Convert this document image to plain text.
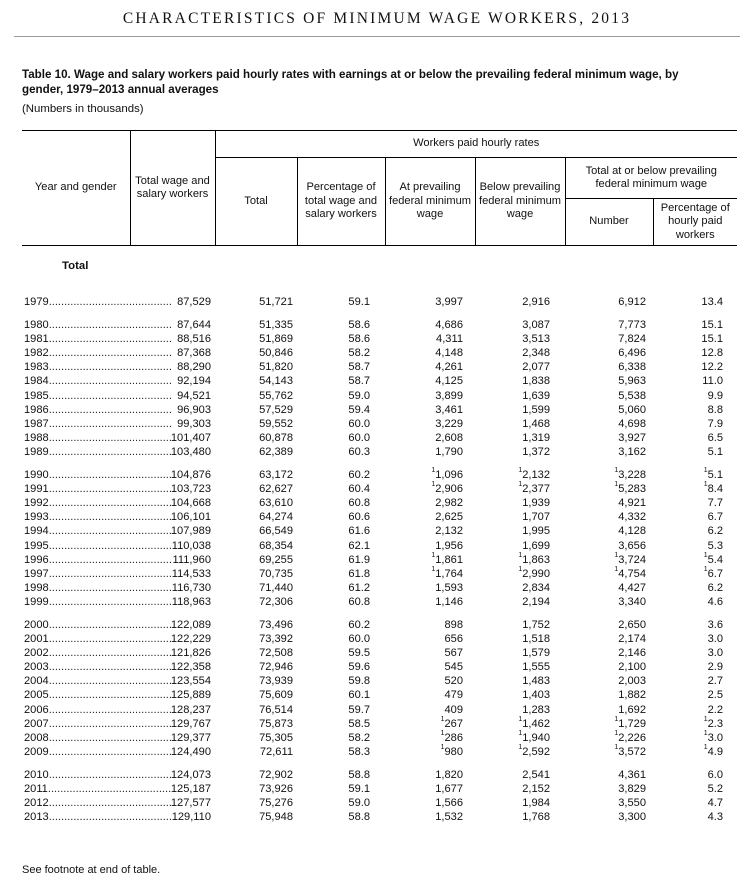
CHARACTERISTICS OF MINIMUM WAGE WORKERS, 2013
Table 10. Wage and salary workers paid hourly rates with earnings at or below the prevailing federal minimum wage, by gender, 1979–2013 annual averages
(Numbers in thousands)
Year and gender	Total wage and salary workers	Workers paid hourly rates					
		Total	Percentage of total wage and salary workers	At prevailing federal minimum wage	Below prevailing federal minimum wage	Total at or below prevailing federal minimum wage	
						Number	Percentage of hourly paid workers
Total							

1979........................................	87,529	51,721	59.1	3,997	2,916	6,912	13.4

1980........................................	87,644	51,335	58.6	4,686	3,087	7,773	15.1
1981........................................	88,516	51,869	58.6	4,311	3,513	7,824	15.1
1982........................................	87,368	50,846	58.2	4,148	2,348	6,496	12.8
1983........................................	88,290	51,820	58.7	4,261	2,077	6,338	12.2
1984........................................	92,194	54,143	58.7	4,125	1,838	5,963	11.0
1985........................................	94,521	55,762	59.0	3,899	1,639	5,538	9.9
1986........................................	96,903	57,529	59.4	3,461	1,599	5,060	8.8
1987........................................	99,303	59,552	60.0	3,229	1,468	4,698	7.9
1988........................................	101,407	60,878	60.0	2,608	1,319	3,927	6.5
1989........................................	103,480	62,389	60.3	1,790	1,372	3,162	5.1

1990........................................	104,876	63,172	60.2	$^1$1,096	$^1$2,132	$^1$3,228	$^1$5.1
1991........................................	103,723	62,627	60.4	$^1$2,906	$^1$2,377	$^1$5,283	$^1$8.4
1992........................................	104,668	63,610	60.8	2,982	1,939	4,921	7.7
1993........................................	106,101	64,274	60.6	2,625	1,707	4,332	6.7
1994........................................	107,989	66,549	61.6	2,132	1,995	4,128	6.2
1995........................................	110,038	68,354	62.1	1,956	1,699	3,656	5.3
1996........................................	111,960	69,255	61.9	$^1$1,861	$^1$1,863	$^1$3,724	$^1$5.4
1997........................................	114,533	70,735	61.8	$^1$1,764	$^1$2,990	$^1$4,754	$^1$6.7
1998........................................	116,730	71,440	61.2	1,593	2,834	4,427	6.2
1999........................................	118,963	72,306	60.8	1,146	2,194	3,340	4.6

2000........................................	122,089	73,496	60.2	898	1,752	2,650	3.6
2001........................................	122,229	73,392	60.0	656	1,518	2,174	3.0
2002........................................	121,826	72,508	59.5	567	1,579	2,146	3.0
2003........................................	122,358	72,946	59.6	545	1,555	2,100	2.9
2004........................................	123,554	73,939	59.8	520	1,483	2,003	2.7
2005........................................	125,889	75,609	60.1	479	1,403	1,882	2.5
2006........................................	128,237	76,514	59.7	409	1,283	1,692	2.2
2007........................................	129,767	75,873	58.5	$^1$267	$^1$1,462	$^1$1,729	$^1$2.3
2008........................................	129,377	75,305	58.2	$^1$286	$^1$1,940	$^1$2,226	$^1$3.0
2009........................................	124,490	72,611	58.3	$^1$980	$^1$2,592	$^1$3,572	$^1$4.9

2010........................................	124,073	72,902	58.8	1,820	2,541	4,361	6.0
2011........................................	125,187	73,926	59.1	1,677	2,152	3,829	5.2
2012........................................	127,577	75,276	59.0	1,566	1,984	3,550	4.7
2013........................................	129,110	75,948	58.8	1,532	1,768	3,300	4.3
See footnote at end of table.
